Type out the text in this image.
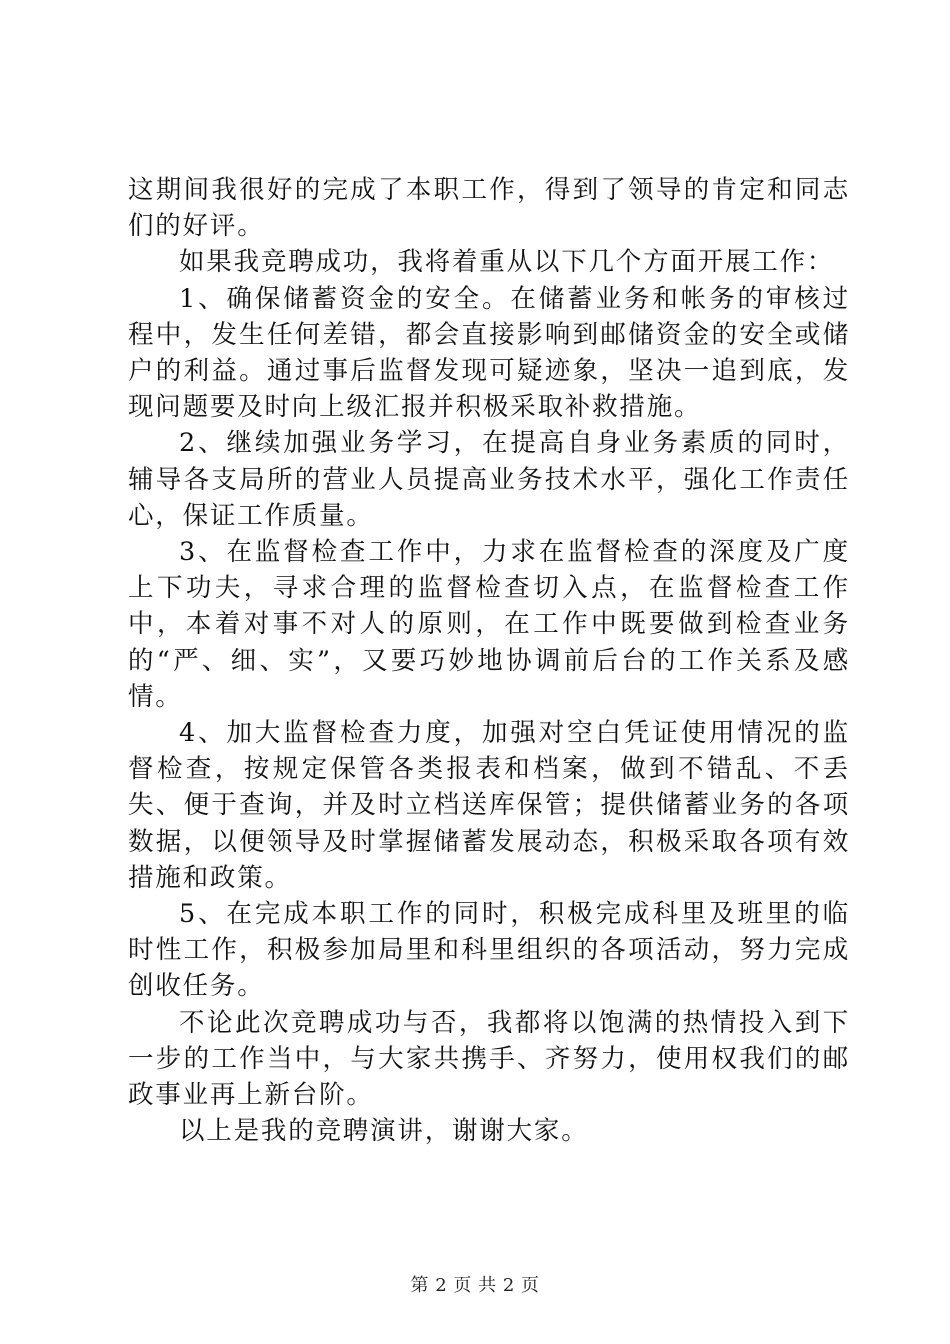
这期间我很好的完成了本职工作，得到了领导的肯定和同志们的好评。

如果我竞聘成功，我将着重从以下几个方面开展工作：

1、确保储蓄资金的安全。在储蓄业务和帐务的审核过程中，发生任何差错，都会直接影响到邮储资金的安全或储户的利益。通过事后监督发现可疑迹象，坚决一追到底，发现问题要及时向上级汇报并积极采取补救措施。

2、继续加强业务学习，在提高自身业务素质的同时，辅导各支局所的营业人员提高业务技术水平，强化工作责任心，保证工作质量。

3、在监督检查工作中，力求在监督检查的深度及广度上下功夫，寻求合理的监督检查切入点，在监督检查工作中，本着对事不对人的原则，在工作中既要做到检查业务的“严、细、实”，又要巧妙地协调前后台的工作关系及感情。

4、加大监督检查力度，加强对空白凭证使用情况的监督检查，按规定保管各类报表和档案，做到不错乱、不丢失、便于查询，并及时立档送库保管；提供储蓄业务的各项数据，以便领导及时掌握储蓄发展动态，积极采取各项有效措施和政策。

5、在完成本职工作的同时，积极完成科里及班里的临时性工作，积极参加局里和科里组织的各项活动，努力完成创收任务。

不论此次竞聘成功与否，我都将以饱满的热情投入到下一步的工作当中，与大家共携手、齐努力，使用权我们的邮政事业再上新台阶。

以上是我的竞聘演讲，谢谢大家。

第 2 页 共 2 页
